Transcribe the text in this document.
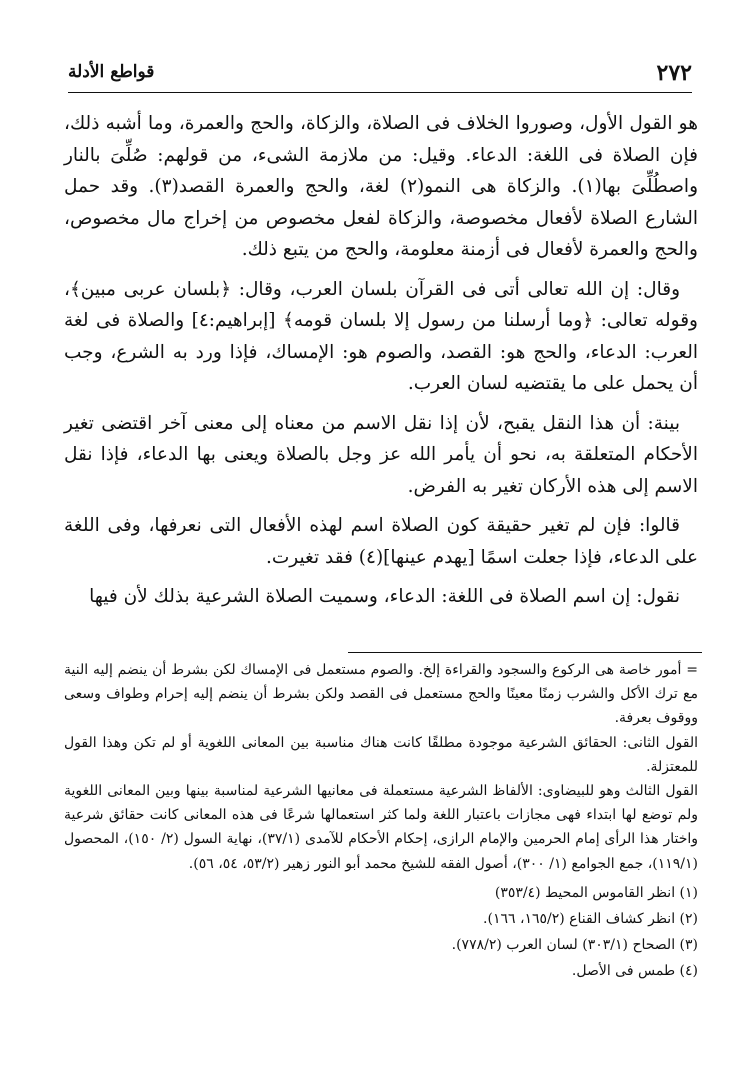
٢٧٢
قواطع الأدلة

هو القول الأول، وصوروا الخلاف فى الصلاة، والزكاة، والحج والعمرة، وما أشبه ذلك، فإن الصلاة فى اللغة: الدعاء. وقيل: من ملازمة الشىء، من قولهم: صُلِّىَ بالنار واصطُلِّىَ بها(١). والزكاة هى النمو(٢) لغة، والحج والعمرة القصد(٣). وقد حمل الشارع الصلاة لأفعال مخصوصة، والزكاة لفعل مخصوص من إخراج مال مخصوص، والحج والعمرة لأفعال فى أزمنة معلومة، والحج من يتبع ذلك.

وقال: إن الله تعالى أتى فى القرآن بلسان العرب، وقال: ﴿بلسان عربى مبين﴾، وقوله تعالى: ﴿وما أرسلنا من رسول إلا بلسان قومه﴾ [إبراهيم:٤] والصلاة فى لغة العرب: الدعاء، والحج هو: القصد، والصوم هو: الإمساك، فإذا ورد به الشرع، وجب أن يحمل على ما يقتضيه لسان العرب.

بينة: أن هذا النقل يقبح، لأن إذا نقل الاسم من معناه إلى معنى آخر اقتضى تغير الأحكام المتعلقة به، نحو أن يأمر الله عز وجل بالصلاة ويعنى بها الدعاء، فإذا نقل الاسم إلى هذه الأركان تغير به الفرض.

قالوا: فإن لم تغير حقيقة كون الصلاة اسم لهذه الأفعال التى نعرفها، وفى اللغة على الدعاء، فإذا جعلت اسمًا [يهدم عينها](٤) فقد تغيرت.

نقول: إن اسم الصلاة فى اللغة: الدعاء، وسميت الصلاة الشرعية بذلك لأن فيها

= أمور خاصة هى الركوع والسجود والقراءة إلخ. والصوم مستعمل فى الإمساك لكن بشرط أن ينضم إليه النية مع ترك الأكل والشرب زمنًا معينًا والحج مستعمل فى القصد ولكن بشرط أن ينضم إليه إحرام وطواف وسعى ووقوف بعرفة.

القول الثانى: الحقائق الشرعية موجودة مطلقًا كانت هناك مناسبة بين المعانى اللغوية أو لم تكن وهذا القول للمعتزلة.

القول الثالث وهو للبيضاوى: الألفاظ الشرعية مستعملة فى معانيها الشرعية لمناسبة بينها وبين المعانى اللغوية ولم توضع لها ابتداء فهى مجازات باعتبار اللغة ولما كثر استعمالها شرعًا فى هذه المعانى كانت حقائق شرعية واختار هذا الرأى إمام الحرمين والإمام الرازى، إحكام الأحكام للآمدى (٣٧/١)، نهاية السول (٢/ ١٥٠)، المحصول (١١٩/١)، جمع الجوامع (١/ ٣٠٠)، أصول الفقه للشيخ محمد أبو النور زهير (٥٣/٢، ٥٤، ٥٦).

(١) انظر القاموس المحيط (٣٥٣/٤)

(٢) انظر كشاف القناع (١٦٥/٢، ١٦٦).

(٣) الصحاح (٣٠٣/١) لسان العرب (٧٧٨/٢).

(٤) طمس فى الأصل.
